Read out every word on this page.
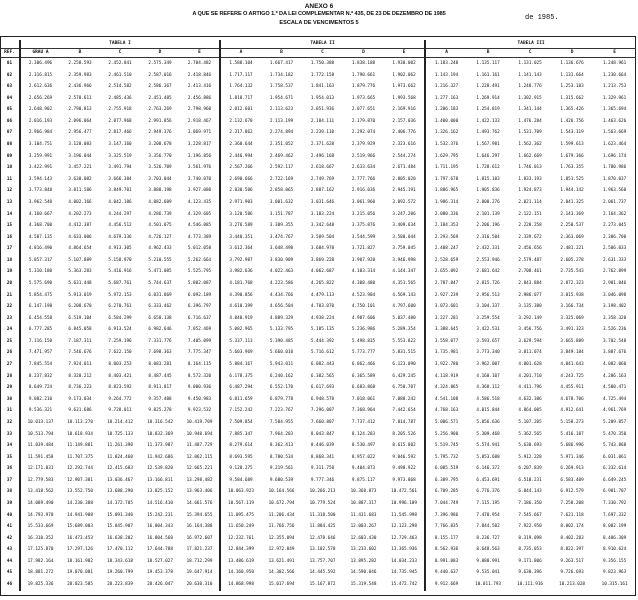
ANEXO 6
A QUE SE REFERE O ARTIGO 1.º DA LEI COMPLEMENTAR N.º 435, DE 23 DE DEZEMBRO DE 1985
ESCALA DE VENCIMENTOS 5
de 1985.
	TABELA I					TABELA II					TABELA III				
REF.	GRAU A	B	C	D	E	A	B	C	D	E	A	B	C	D	E
01	2.306.496	2.258.593	2.452.841	2.575.349	2.704.482	1.588.104	1.667.417	1.750.388	1.838.188	1.930.002	1.183.248	1.135.117	1.131.025	1.136.676	1.248.961
02	2.316.815	2.359.983	2.461.510	2.587.016	2.418.846	1.717.117	1.734.182	1.772.158	1.790.661	1.902.062	1.143.194	1.161.161	1.141.143	1.131.664	1.230.664
03	2.612.636	2.436.966	2.514.582	2.586.367	2.413.416	1.764.132	1.758.537	1.841.163	1.879.776	1.973.662	1.216.327	1.228.491	1.248.776	1.253.183	1.213.753
04	2.656.269	2.578.611	2.485.436	2.451.485	2.456.886	1.818.717	1.954.671	1.954.013	1.973.665	1.993.568	1.277.163	1.269.914	1.302.915	1.315.662	1.329.961
05	2.648.902	2.790.813	2.755.918	2.763.269	2.798.960	2.012.601	2.113.623	2.051.936	2.077.651	2.169.916	1.206.183	1.254.819	1.341.144	1.365.426	1.365.694
06	2.016.193	2.096.064	2.077.968	2.991.856	2.918.467	2.132.670	2.113.199	2.184.111	2.179.870	2.157.036	1.400.000	1.422.133	1.476.284	1.426.756	1.463.626
07	2.966.984	2.956.477	2.817.466	2.949.376	3.069.971	2.317.862	2.274.894	2.239.110	2.292.074	2.406.776	1.326.162	1.493.762	1.531.709	1.543.119	1.563.669
08	3.104.751	3.128.083	3.147.160	3.208.678	3.228.817	2.360.644	2.351.052	2.371.628	2.379.929	2.323.616	1.532.376	1.567.981	1.562.362	1.599.613	1.623.464
09	3.259.991	3.196.044	3.325.519	3.356.770	3.196.856	2.446.994	2.469.462	2.496.168	2.519.966	2.544.274	1.629.795	1.646.297	1.662.669	1.679.366	1.696.174
10	3.422.991	3.457.221	3.491.794	3.526.709	3.561.976	2.567.266	2.592.117	2.618.667	2.633.634	2.671.484	1.711.195	1.728.612	1.746.013	1.763.355	1.780.986
11	3.594.143	3.630.082	3.666.384	3.703.044	3.740.070	2.690.666	2.722.169	2.749.769	2.777.766	2.805.020	1.797.678	1.815.103	1.833.193	1.851.525	1.870.037
12	3.773.848	3.811.586	3.849.701	3.888.198	3.927.080	2.830.506	2.858.065	2.887.162	2.916.036	2.945.191	1.886.965	1.905.836	1.924.873	1.944.142	1.963.560
13	3.962.540	4.002.166	4.042.186	4.082.609	4.123.435	2.971.903	3.001.632	3.031.646	3.061.960	3.092.572	1.986.314	2.000.276	2.021.114	2.041.325	2.061.737
14	4.160.667	4.202.273	4.244.297	4.286.739	4.329.605	3.120.586	3.151.787	3.183.224	3.215.056	3.247.206	2.080.336	2.101.139	2.122.151	2.143.369	2.164.362
15	4.368.700	4.412.387	4.456.512	4.501.075	4.546.085	3.276.589	3.309.355	3.342.648	3.375.876	3.409.634	2.184.353	2.206.196	2.228.258	2.250.537	2.273.045
16	4.587.135	4.633.006	4.679.336	4.726.127	4.773.389	3.440.351	3.474.767	3.509.504	3.544.599	3.580.044	2.293.569	2.316.504	2.339.672	2.363.069	2.386.700
17	4.816.490	4.864.654	4.913.305	4.962.433	5.012.058	3.612.364	3.648.498	3.684.978	3.721.827	3.759.045	2.408.247	2.432.331	2.456.656	2.481.221	2.506.033
18	5.057.317	5.107.889	5.158.970	5.210.555	5.262.664	3.792.987	3.830.909	3.869.228	3.907.920	3.946.998	2.528.659	2.553.946	2.579.487	2.605.278	2.631.333
19	5.310.180	5.363.283	5.416.916	5.471.085	5.525.795	3.982.636	4.022.463	4.062.687	4.103.314	4.144.347	2.655.092	2.681.642	2.708.461	2.735.543	2.762.899
20	5.575.690	5.631.448	5.687.761	5.744.637	5.802.087	4.181.768	4.223.586	4.265.822	4.308.480	4.351.565	2.787.847	2.815.726	2.843.884	2.872.323	2.901.046
21	5.854.475	5.913.019	5.972.153	6.031.869	6.092.189	4.390.856	4.434.766	4.479.113	4.523.904	4.569.143	2.927.239	2.956.513	2.986.077	3.015.938	3.046.098
22	6.147.198	6.208.670	6.270.761	6.333.462	6.396.797	4.610.399	4.656.504	4.703.070	4.750.101	4.797.600	3.073.601	3.104.337	3.135.380	3.166.734	3.198.402
23	6.454.558	6.519.104	6.584.299	6.650.138	6.716.637	4.840.919	4.889.329	4.938.224	4.987.606	5.037.480	3.227.281	3.259.554	3.292.149	3.325.069	3.358.320
24	6.777.285	6.845.058	6.913.524	6.982.646	7.052.469	5.082.965	5.133.795	5.185.135	5.236.986	5.289.354	3.388.645	3.422.531	3.456.756	3.491.323	3.526.236
25	7.116.150	7.187.311	7.259.196	7.331.776	7.405.099	5.337.113	5.390.485	5.444.392	5.498.835	5.553.822	3.558.077	3.593.657	3.629.594	3.665.889	3.702.548
26	7.471.957	7.546.676	7.622.150	7.698.363	7.775.347	5.603.969	5.660.010	5.716.612	5.773.777	5.831.515	3.735.981	3.773.340	3.811.074	3.849.184	3.887.676
27	7.845.554	7.924.011	8.003.253	8.083.281	8.164.115	5.884.167	5.943.011	6.002.443	6.062.466	6.123.090	3.922.780	3.962.007	4.001.628	4.041.643	4.082.060
28	8.237.832	8.320.212	8.403.421	8.487.445	8.572.320	6.178.375	6.240.162	6.302.565	6.365.589	6.429.245	4.118.919	4.160.107	4.201.710	4.243.725	4.286.163
29	8.649.724	8.736.223	8.823.592	8.911.817	9.000.936	6.487.294	6.552.170	6.617.693	6.683.868	6.750.707	4.324.865	4.368.112	4.411.796	4.455.911	4.500.471
30	9.082.210	9.173.034	9.264.772	9.357.408	9.450.983	6.811.659	6.879.778	6.948.578	7.018.061	7.088.242	4.541.108	4.586.518	4.632.386	4.678.706	4.725.494
31	9.536.321	9.631.686	9.728.011	9.825.278	9.923.532	7.152.242	7.223.767	7.296.007	7.368.964	7.442.654	4.768.163	4.815.844	4.864.005	4.912.641	4.961.769
32	10.013.137	10.113.270	10.214.412	10.316.542	10.419.709	7.509.854	7.584.955	7.660.807	7.737.412	7.814.787	5.006.571	5.056.636	5.107.205	5.158.273	5.209.857
33	10.513.794	10.618.934	10.725.133	10.832.369	10.940.694	7.885.347	7.964.203	8.043.847	8.124.283	8.205.526	5.256.900	5.309.468	5.362.565	5.416.187	5.470.350
34	11.039.484	11.149.881	11.261.390	11.373.987	11.487.729	8.279.614	8.362.413	8.446.039	8.530.497	8.615.802	5.519.745	5.574.941	5.630.693	5.686.996	5.743.868
35	11.591.458	11.707.375	11.824.460	11.942.686	12.062.115	8.693.595	8.780.534	8.868.341	8.957.022	9.046.592	5.795.732	5.853.688	5.912.228	5.971.346	6.031.061
36	12.171.031	12.292.744	12.415.683	12.539.820	12.665.221	9.128.275	9.219.561	9.311.758	9.404.873	9.498.922	6.085.519	6.146.372	6.207.839	6.269.913	6.332.614
37	12.779.583	12.907.381	13.036.467	13.166.811	13.298.482	9.584.689	9.680.539	9.777.346	9.875.117	9.973.868	6.389.795	6.453.691	6.518.231	6.583.409	6.649.245
38	13.418.562	13.552.750	13.688.290	13.825.152	13.963.406	10.063.923	10.164.566	10.266.213	10.368.873	10.472.561	6.709.285	6.776.376	6.844.143	6.912.579	6.981.707
39	14.089.490	14.230.388	14.372.705	14.516.410	14.661.576	10.567.119	10.672.794	10.779.524	10.887.317	10.996.189	7.044.749	7.115.195	7.186.350	7.258.208	7.330.792
40	14.793.970	14.941.908	15.091.340	15.242.231	15.394.655	11.095.475	11.206.434	11.318.500	11.431.683	11.545.998	7.396.986	7.470.954	7.545.667	7.621.118	7.697.332
41	15.533.669	15.689.003	15.845.907	16.004.343	16.164.388	11.650.249	11.766.756	11.884.425	12.003.267	12.123.298	7.766.835	7.844.502	7.922.950	8.002.174	8.082.199
42	16.310.352	16.473.453	16.638.202	16.804.560	16.972.607	12.232.761	12.355.094	12.478.646	12.603.430	12.729.463	8.155.177	8.236.727	8.319.098	8.402.283	8.486.309
43	17.125.870	17.297.126	17.470.112	17.644.788	17.821.237	12.844.399	12.972.849	13.102.578	13.233.602	13.365.936	8.562.936	8.648.563	8.735.053	8.822.397	8.910.624
44	17.982.164	18.161.982	18.343.618	18.527.027	18.712.299	13.486.619	13.621.491	13.757.707	13.895.282	14.034.233	8.991.083	9.080.991	9.171.806	9.263.517	9.356.155
45	18.881.272	19.070.081	19.260.799	19.453.378	19.647.914	14.160.950	14.302.566	14.445.592	14.590.046	14.735.945	9.440.637	9.535.041	9.630.396	9.726.693	9.823.963
46	19.825.336	20.023.585	20.223.839	20.426.047	20.630.310	14.868.998	15.017.694	15.167.872	15.319.548	15.472.742	9.912.669	10.011.793	10.111.916	10.213.028	10.315.161
